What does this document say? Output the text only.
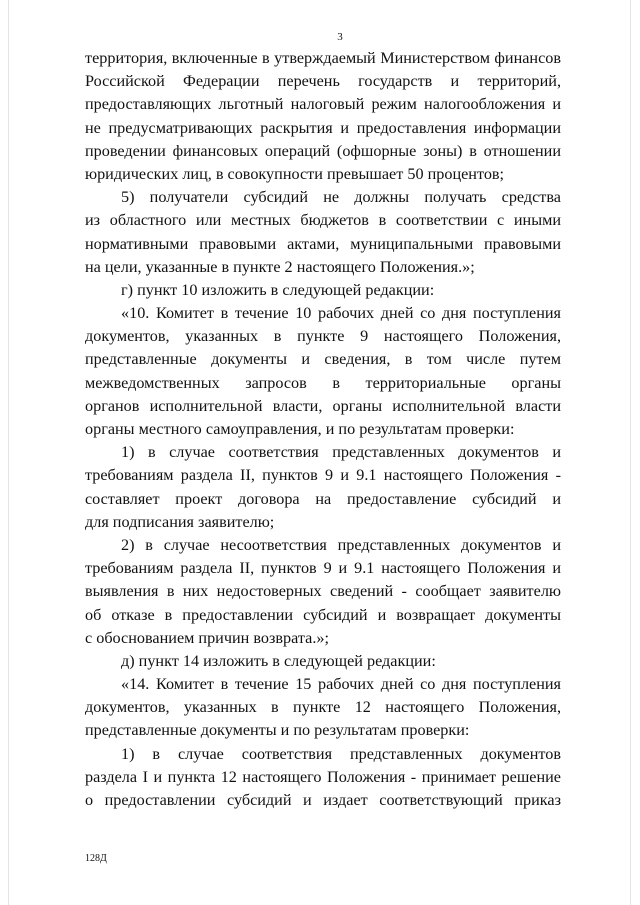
3
территория, включенные в утверждаемый Министерством финансов
Российской Федерации перечень государств и территорий,
предоставляющих льготный налоговый режим налогообложения и
не предусматривающих раскрытия и предоставления информации
проведении финансовых операций (офшорные зоны) в отношении
юридических лиц, в совокупности превышает 50 процентов;
5) получатели субсидий не должны получать средства
из областного или местных бюджетов в соответствии с иными
нормативными правовыми актами, муниципальными правовыми
на цели, указанные в пункте 2 настоящего Положения.»;
г) пункт 10 изложить в следующей редакции:
«10. Комитет в течение 10 рабочих дней со дня поступления
документов, указанных в пункте 9 настоящего Положения,
представленные документы и сведения, в том числе путем
межведомственных запросов в территориальные органы
органов исполнительной власти, органы исполнительной власти
органы местного самоуправления, и по результатам проверки:
1) в случае соответствия представленных документов и
требованиям раздела II, пунктов 9 и 9.1 настоящего Положения -
составляет проект договора на предоставление субсидий и
для подписания заявителю;
2) в случае несоответствия представленных документов и
требованиям раздела II, пунктов 9 и 9.1 настоящего Положения и
выявления в них недостоверных сведений - сообщает заявителю
об отказе в предоставлении субсидий и возвращает документы
с обоснованием причин возврата.»;
д) пункт 14 изложить в следующей редакции:
«14. Комитет в течение 15 рабочих дней со дня поступления
документов, указанных в пункте 12 настоящего Положения,
представленные документы и по результатам проверки:
1) в случае соответствия представленных документов
раздела I и пункта 12 настоящего Положения - принимает решение
о предоставлении субсидий и издает соответствующий приказ
128Д
